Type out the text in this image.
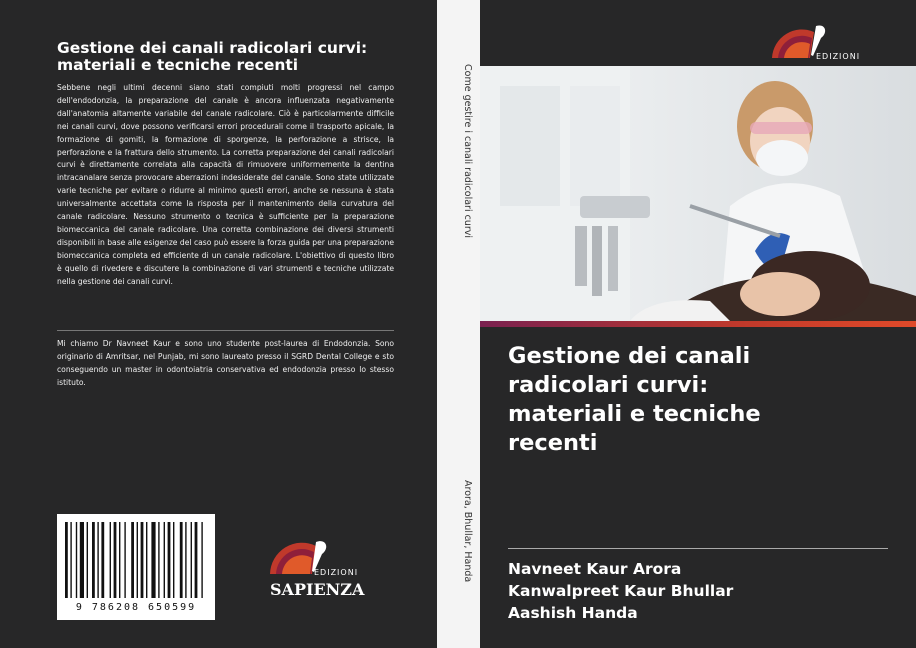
Gestione dei canali radicolari curvi: materiali e tecniche recenti
Sebbene negli ultimi decenni siano stati compiuti molti progressi nel campo dell'endodonzia, la preparazione del canale è ancora influenzata negativamente dall'anatomia altamente variabile del canale radicolare. Ciò è particolarmente difficile nei canali curvi, dove possono verificarsi errori procedurali come il trasporto apicale, la formazione di gomiti, la formazione di sporgenze, la perforazione a strisce, la perforazione e la frattura dello strumento. La corretta preparazione dei canali radicolari curvi è direttamente correlata alla capacità di rimuovere uniformemente la dentina intracanalare senza provocare aberrazioni indesiderate del canale. Sono state utilizzate varie tecniche per evitare o ridurre al minimo questi errori, anche se nessuna è stata universalmente accettata come la risposta per il mantenimento della curvatura del canale radicolare. Nessuno strumento o tecnica è sufficiente per la preparazione biomeccanica del canale radicolare. Una corretta combinazione dei diversi strumenti disponibili in base alle esigenze del caso può essere la forza guida per una preparazione biomeccanica completa ed efficiente di un canale radicolare. L'obiettivo di questo libro è quello di rivedere e discutere la combinazione di vari strumenti e tecniche utilizzate nella gestione dei canali curvi.
Mi chiamo Dr Navneet Kaur e sono uno studente post-laurea di Endodonzia. Sono originario di Amritsar, nel Punjab, mi sono laureato presso il SGRD Dental College e sto conseguendo un master in odontoiatria conservativa ed endodonzia presso lo stesso istituto.
9 786208 650599
EDIZIONI
SAPIENZA
Come gestire i canali radicolari curvi
Arora, Bhullar, Handa
EDIZIONI
Gestione dei canali radicolari curvi: materiali e tecniche recenti
Navneet Kaur Arora
Kanwalpreet Kaur Bhullar
Aashish Handa
